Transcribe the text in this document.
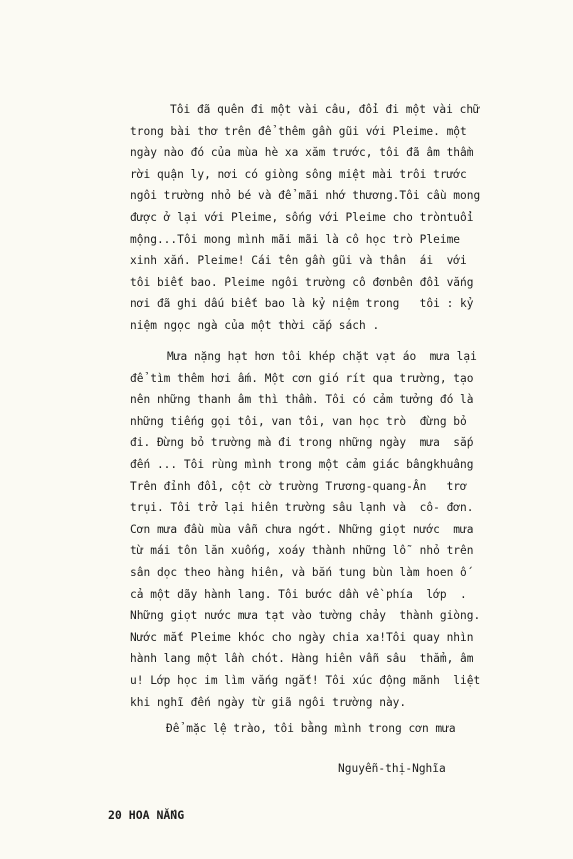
Tôi đã quên đi một vài câu, đổi đi một vài chữ
trong bài thơ trên để thêm gần gũi với Pleime. một
ngày nào đó của mùa hè xa xăm trước, tôi đã âm thầm
rời quận ly, nơi có giòng sông miệt mài trôi trước
ngôi trường nhỏ bé và để mãi nhớ thương.Tôi cầu mong
được ở lại với Pleime, sống với Pleime cho tròntuổi
mộng...Tôi mong mình mãi mãi là cô học trò Pleime
xinh xắn. Pleime! Cái tên gần gũi và thân  ái  với
tôi biết bao. Pleime ngôi trường cô đơnbên đồi vắng
nơi đã ghi dấu biết bao là kỷ niệm trong   tôi : kỷ
niệm ngọc ngà của một thời cắp sách .
Mưa nặng hạt hơn tôi khép chặt vạt áo  mưa lại
để tìm thêm hơi ấm. Một cơn gió rít qua trường, tạo
nên những thanh âm thì thầm. Tôi có cảm tưởng đó là
những tiếng gọi tôi, van tôi, van học trò  đừng bỏ
đi. Đừng bỏ trường mà đi trong những ngày  mưa  sắp
đến ... Tôi rùng mình trong một cảm giác bângkhuâng
Trên đỉnh đồi, cột cờ trường Trương-quang-Ân   trơ
trụi. Tôi trở lại hiên trường sâu lạnh và  cô- đơn.
Cơn mưa đầu mùa vẫn chưa ngớt. Những giọt nước  mưa
từ mái tôn lăn xuống, xoáy thành những lỗ  nhỏ trên
sân dọc theo hàng hiên, và bắn tung bùn làm hoen ố
cả một dãy hành lang. Tôi bước dần về phía  lớp  .
Những giọt nước mưa tạt vào tường chảy  thành giòng.
Nước mắt Pleime khóc cho ngày chia xa!Tôi quay nhìn
hành lang một lần chót. Hàng hiên vẫn sâu  thẳm, âm
u! Lớp học im lìm vắng ngắt! Tôi xúc động mãnh  liệt
khi nghĩ đến ngày từ giã ngôi trường này.
Để mặc lệ trào, tôi bằng mình trong cơn mưa
Nguyễn-thị-Nghĩa
20 HOA NẮNG
